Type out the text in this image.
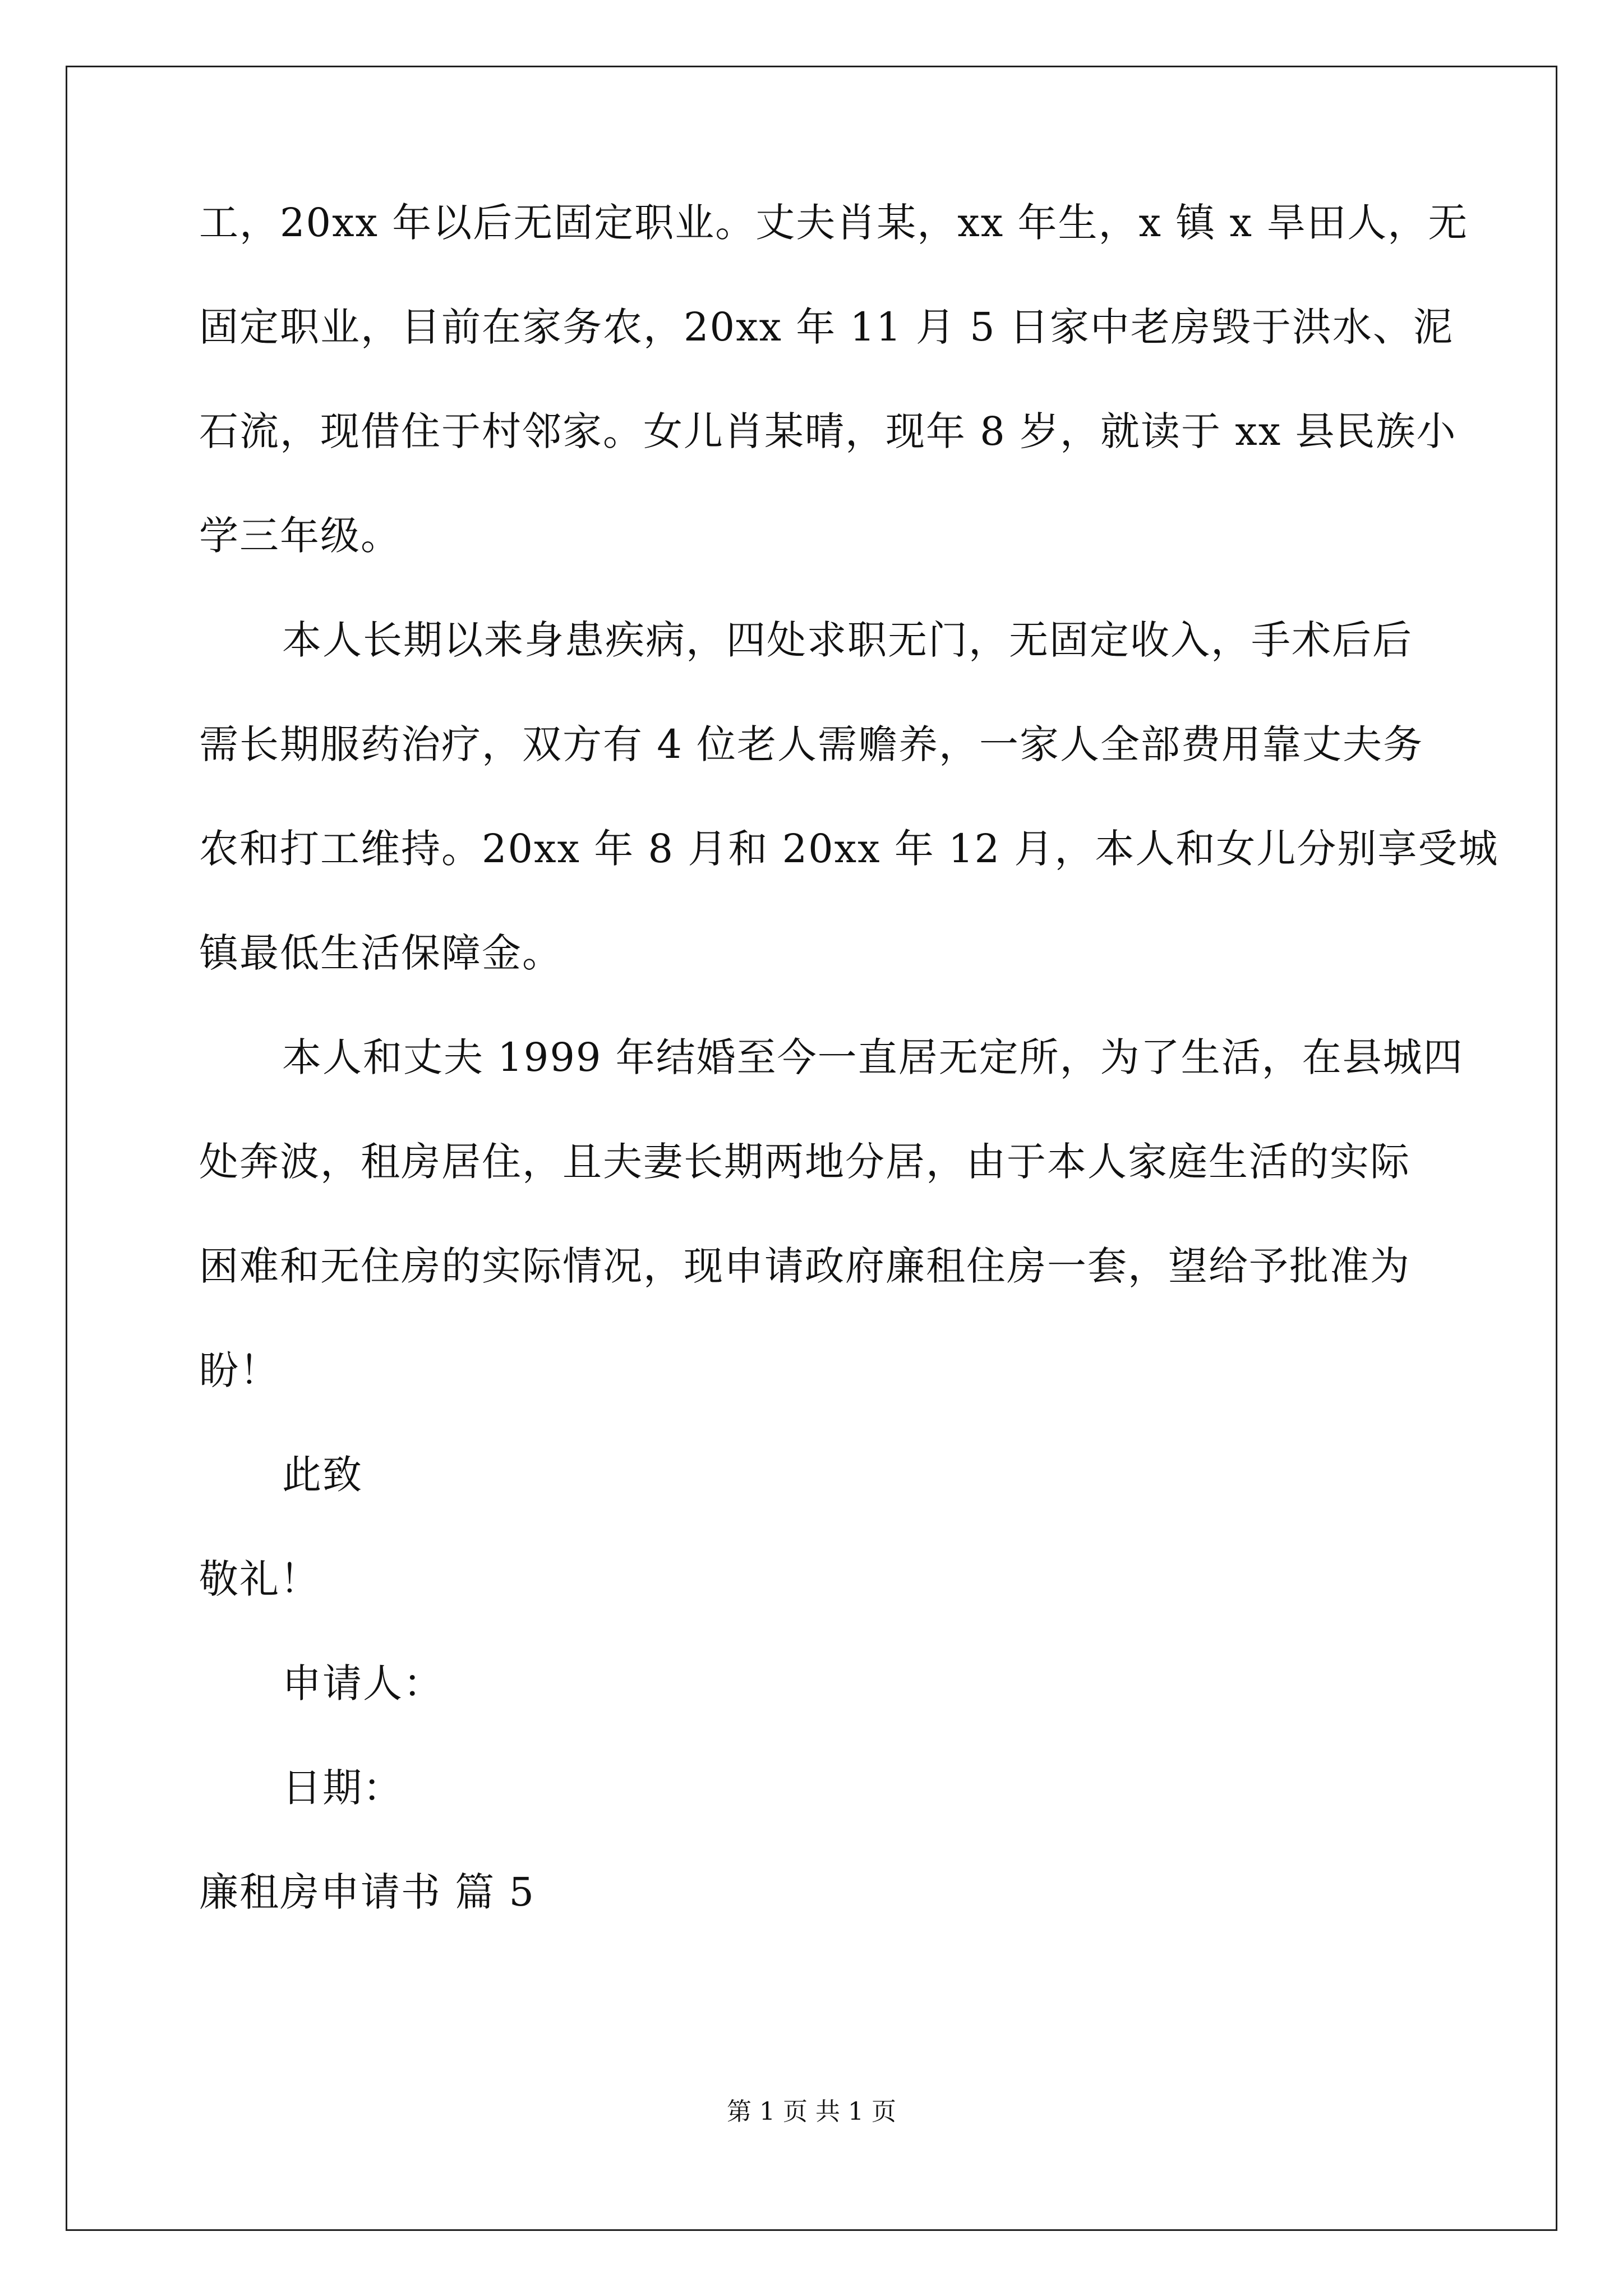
工，20xx 年以后无固定职业。丈夫肖某，xx 年生，x 镇 x 旱田人，无
固定职业，目前在家务农，20xx 年 11 月 5 日家中老房毁于洪水、泥
石流，现借住于村邻家。女儿肖某晴，现年 8 岁，就读于 xx 县民族小
学三年级。
本人长期以来身患疾病，四处求职无门，无固定收入，手术后后
需长期服药治疗，双方有 4 位老人需赡养，一家人全部费用靠丈夫务
农和打工维持。20xx 年 8 月和 20xx 年 12 月，本人和女儿分别享受城
镇最低生活保障金。
本人和丈夫 1999 年结婚至今一直居无定所，为了生活，在县城四
处奔波，租房居住，且夫妻长期两地分居，由于本人家庭生活的实际
困难和无住房的实际情况，现申请政府廉租住房一套，望给予批准为
盼！
此致
敬礼！
申请人：
日期：
廉租房申请书 篇 5
第 1 页 共 1 页
